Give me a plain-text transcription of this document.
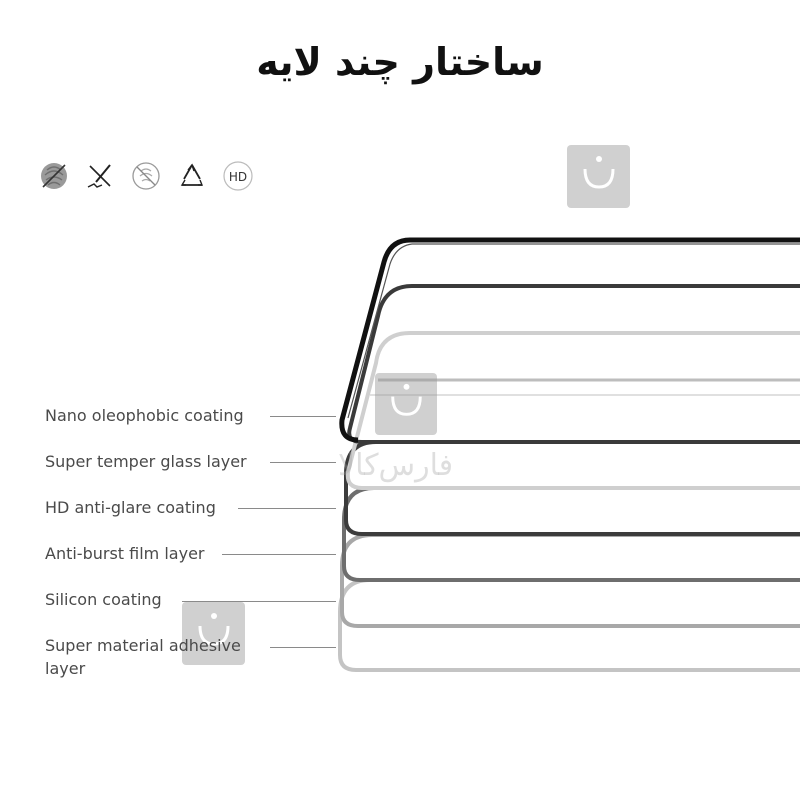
ساختار چند لایه
HD
فارس‌کالا
Nano oleophobic coating
Super temper glass layer
HD anti-glare coating
Anti-burst film layer
Silicon coating
Super material adhesive layer
